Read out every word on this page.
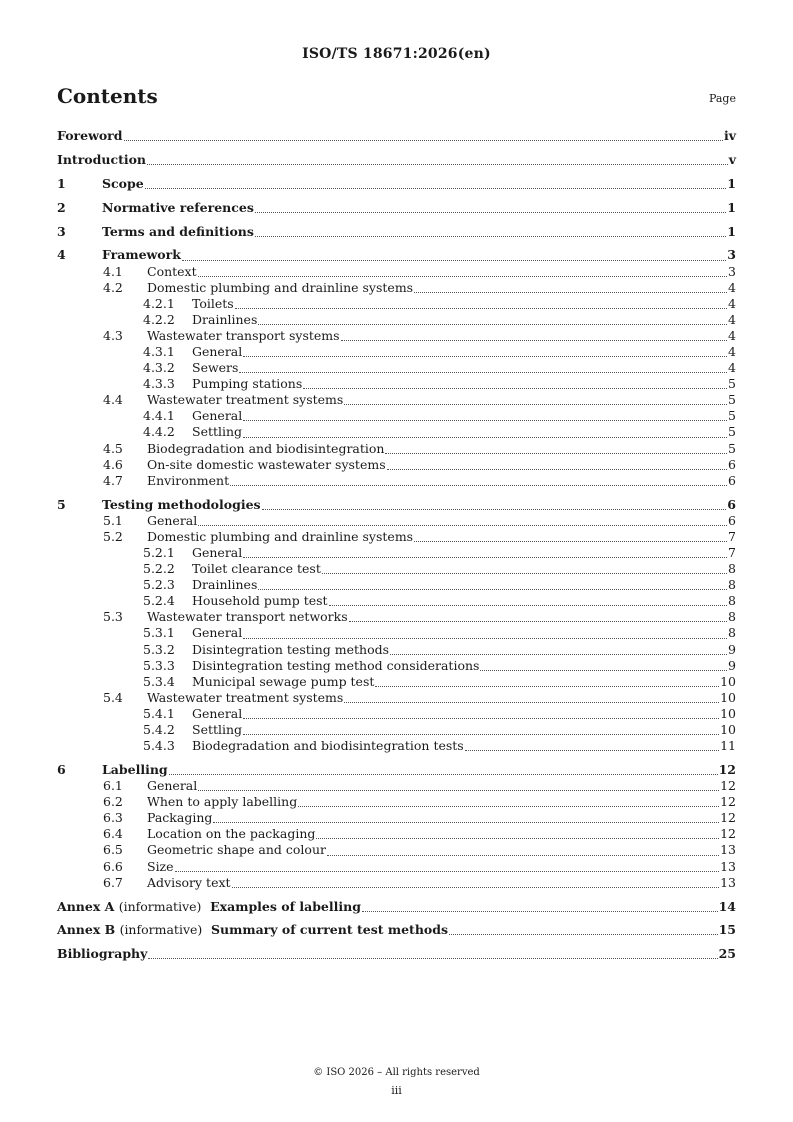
ISO/TS 18671:2026(en)
Contents	Page
Foreword	iv
Introduction	v
1	Scope	1
2	Normative references	1
3	Terms and definitions	1
4	Framework	3
4.1	Context	3
4.2	Domestic plumbing and drainline systems	4
4.2.1	Toilets	4
4.2.2	Drainlines	4
4.3	Wastewater transport systems	4
4.3.1	General	4
4.3.2	Sewers	4
4.3.3	Pumping stations	5
4.4	Wastewater treatment systems	5
4.4.1	General	5
4.4.2	Settling	5
4.5	Biodegradation and biodisintegration	5
4.6	On-site domestic wastewater systems	6
4.7	Environment	6
5	Testing methodologies	6
5.1	General	6
5.2	Domestic plumbing and drainline systems	7
5.2.1	General	7
5.2.2	Toilet clearance test	8
5.2.3	Drainlines	8
5.2.4	Household pump test	8
5.3	Wastewater transport networks	8
5.3.1	General	8
5.3.2	Disintegration testing methods	9
5.3.3	Disintegration testing method considerations	9
5.3.4	Municipal sewage pump test	10
5.4	Wastewater treatment systems	10
5.4.1	General	10
5.4.2	Settling	10
5.4.3	Biodegradation and biodisintegration tests	11
6	Labelling	12
6.1	General	12
6.2	When to apply labelling	12
6.3	Packaging	12
6.4	Location on the packaging	12
6.5	Geometric shape and colour	13
6.6	Size	13
6.7	Advisory text	13
Annex A (informative) Examples of labelling	14
Annex B (informative) Summary of current test methods	15
Bibliography	25
© ISO 2026 – All rights reserved
iii
